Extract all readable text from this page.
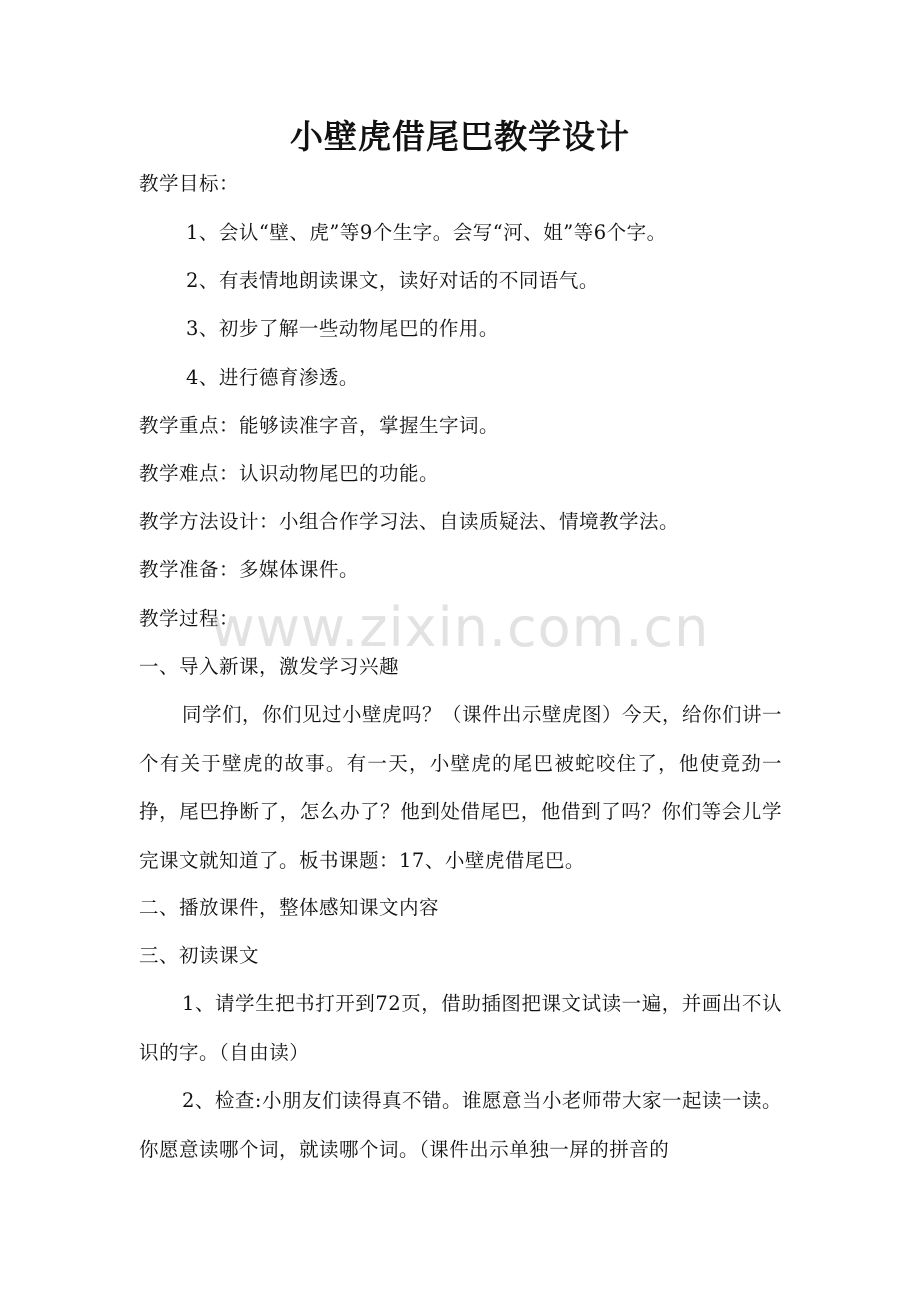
小壁虎借尾巴教学设计
教学目标：
1、会认“壁、虎”等9个生字。会写“河、姐”等6个字。
2、有表情地朗读课文，读好对话的不同语气。
3、初步了解一些动物尾巴的作用。
4、进行德育渗透。
教学重点：能够读准字音，掌握生字词。
教学难点：认识动物尾巴的功能。
教学方法设计：小组合作学习法、自读质疑法、情境教学法。
教学准备：多媒体课件。
教学过程：
一、导入新课，激发学习兴趣
同学们，你们见过小壁虎吗？（课件出示壁虎图）今天，给你们讲一个有关于壁虎的故事。有一天，小壁虎的尾巴被蛇咬住了，他使竟劲一挣，尾巴挣断了，怎么办了？他到处借尾巴，他借到了吗？你们等会儿学完课文就知道了。板书课题：17、小壁虎借尾巴。
二、播放课件，整体感知课文内容
三、初读课文
1、请学生把书打开到72页，借助插图把课文试读一遍，并画出不认识的字。（自由读）
2、检查:小朋友们读得真不错。谁愿意当小老师带大家一起读一读。你愿意读哪个词，就读哪个词。（课件出示单独一屏的拼音的
www.zixin.com.cn
